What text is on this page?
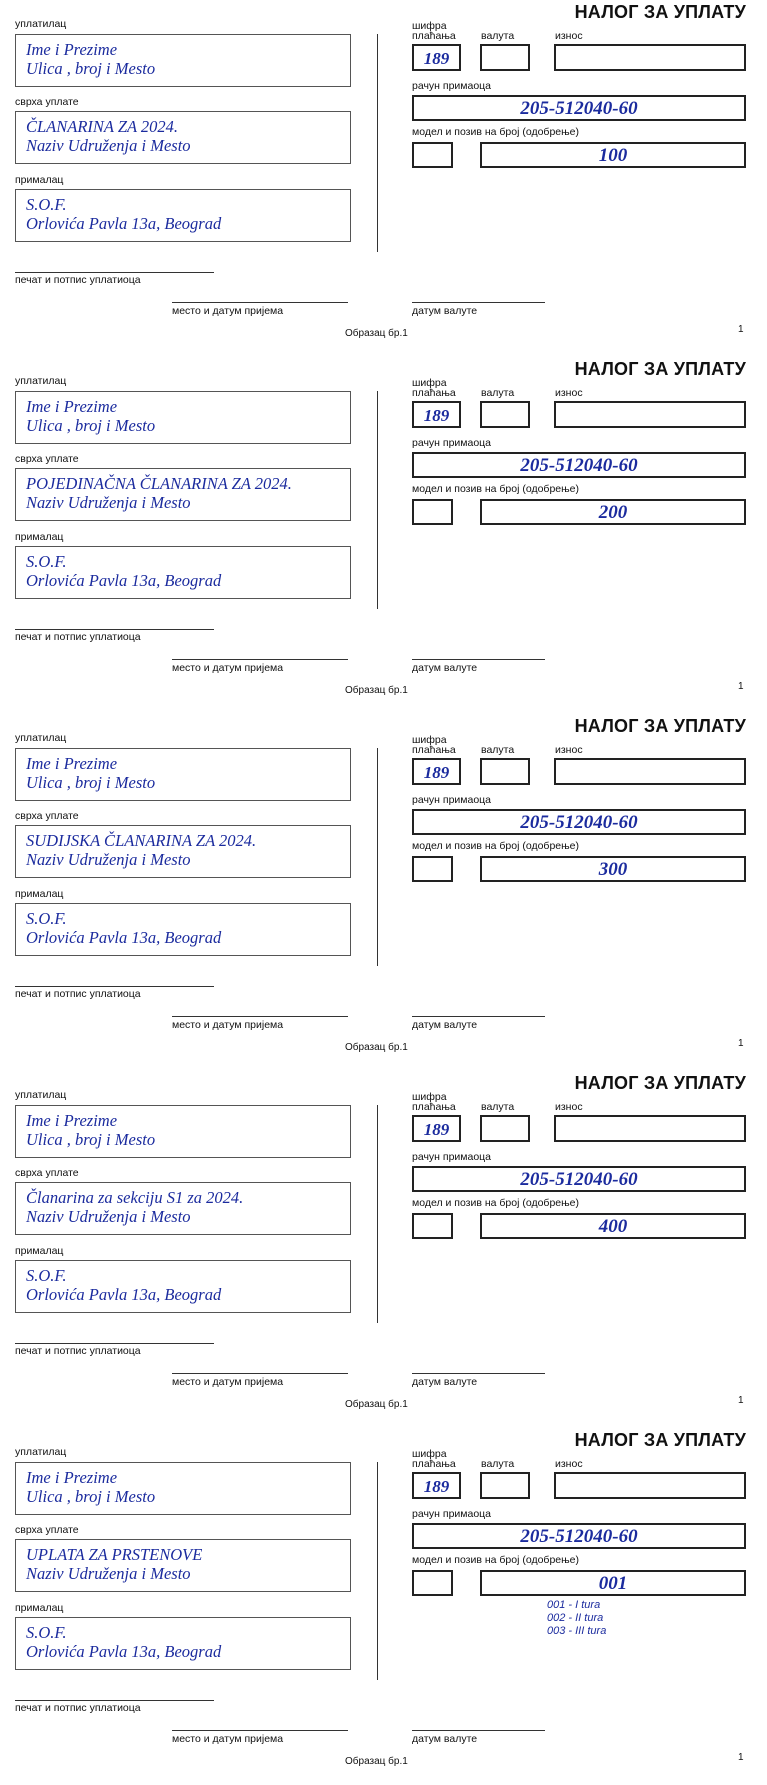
НАЛОГ ЗА УПЛАТУ
уплатилац
Ime i Prezime
Ulica , broj i Mesto
сврха уплате
ČLANARINA ZA 2024.
Naziv Udruženja i Mesto
прималац
S.O.F.
Orlovića Pavla 13a, Beograd
печат и потпис уплатиоца
шифра
плаћања валута	износ
189
рачун примаоца
205-512040-60
модел и позив на број (одобрење)
100
место и датум пријема	датум валуте
Образац бр.1	1
НАЛОГ ЗА УПЛАТУ
уплатилац
Ime i Prezime
Ulica , broj i Mesto
сврха уплате
POJEDINAČNA ČLANARINA ZA 2024.
Naziv Udruženja i Mesto
прималац
S.O.F.
Orlovića Pavla 13a, Beograd
печат и потпис уплатиоца
шифра
плаћања валута	износ
189
рачун примаоца
205-512040-60
модел и позив на број (одобрење)
200
место и датум пријема	датум валуте
Образац бр.1	1
НАЛОГ ЗА УПЛАТУ
уплатилац
Ime i Prezime
Ulica , broj i Mesto
сврха уплате
SUDIJSKA ČLANARINA ZA 2024.
Naziv Udruženja i Mesto
прималац
S.O.F.
Orlovića Pavla 13a, Beograd
печат и потпис уплатиоца
шифра
плаћања валута	износ
189
рачун примаоца
205-512040-60
модел и позив на број (одобрење)
300
место и датум пријема	датум валуте
Образац бр.1	1
НАЛОГ ЗА УПЛАТУ
уплатилац
Ime i Prezime
Ulica , broj i Mesto
сврха уплате
Članarina za sekciju S1 za 2024.
Naziv Udruženja i Mesto
прималац
S.O.F.
Orlovića Pavla 13a, Beograd
печат и потпис уплатиоца
шифра
плаћања валута	износ
189
рачун примаоца
205-512040-60
модел и позив на број (одобрење)
400
место и датум пријема	датум валуте
Образац бр.1	1
НАЛОГ ЗА УПЛАТУ
уплатилац
Ime i Prezime
Ulica , broj i Mesto
сврха уплате
UPLATA ZA PRSTENOVE
Naziv Udruženja i Mesto
прималац
S.O.F.
Orlovića Pavla 13a, Beograd
печат и потпис уплатиоца
шифра
плаћања валута	износ
189
рачун примаоца
205-512040-60
модел и позив на број (одобрење)
001
001 - I tura
002 - II tura
003 - III tura
место и датум пријема	датум валуте
Образац бр.1	1
